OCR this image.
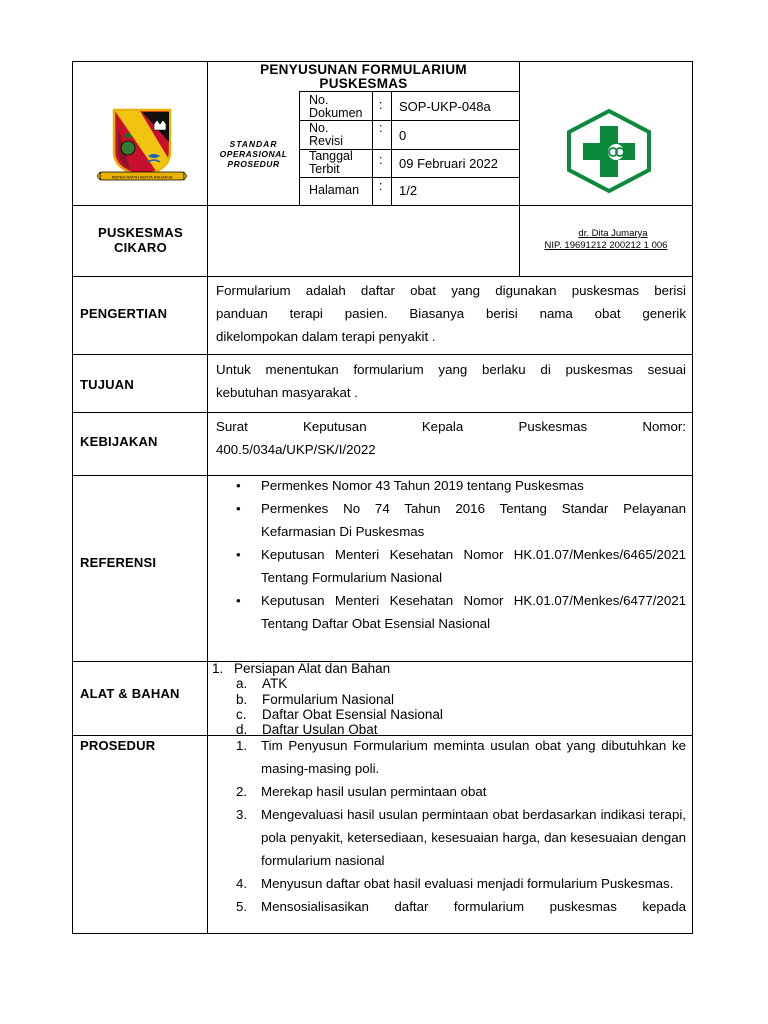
REPEH RAPIH KERTA RAHARJA
STANDAR
OPERASIONAL
PROSEDUR
PENYUSUNAN FORMULARIUM
PUSKESMAS
No.
Dokumen
: SOP-UKP-048a
No.
Revisi
: 0
Tanggal
Terbit
: 09 Februari 2022
Halaman : 1/2
PUSKESMAS
CIKARO
dr. Dita Jumarya
NIP. 19691212 200212 1 006
PENGERTIAN
Formularium adalah daftar obat yang digunakan puskesmas berisi
panduan terapi pasien. Biasanya berisi nama obat generik
dikelompokan dalam terapi penyakit .
TUJUAN
Untuk menentukan formularium yang berlaku di puskesmas sesuai
kebutuhan masyarakat .
KEBIJAKAN
Surat Keputusan Kepala Puskesmas Nomor:
400.5/034a/UKP/SK/I/2022
REFERENSI
• Permenkes Nomor 43 Tahun 2019 tentang Puskesmas
• Permenkes No 74 Tahun 2016 Tentang Standar Pelayanan Kefarmasian Di Puskesmas
• Keputusan Menteri Kesehatan Nomor HK.01.07/Menkes/6465/2021 Tentang Formularium Nasional
• Keputusan Menteri Kesehatan Nomor HK.01.07/Menkes/6477/2021 Tentang Daftar Obat Esensial Nasional
ALAT & BAHAN
1. Persiapan Alat dan Bahan
a. ATK
b. Formularium Nasional
c. Daftar Obat Esensial Nasional
d. Daftar Usulan Obat
PROSEDUR	1. Tim Penyusun Formularium meminta usulan obat yang dibutuhkan ke masing-masing poli.
2. Merekap hasil usulan permintaan obat
3. Mengevaluasi hasil usulan permintaan obat berdasarkan indikasi terapi, pola penyakit, ketersediaan, kesesuaian harga, dan kesesuaian dengan formularium nasional
4. Menyusun daftar obat hasil evaluasi menjadi formularium Puskesmas.
5. Mensosialisasikan daftar formularium puskesmas kepada
